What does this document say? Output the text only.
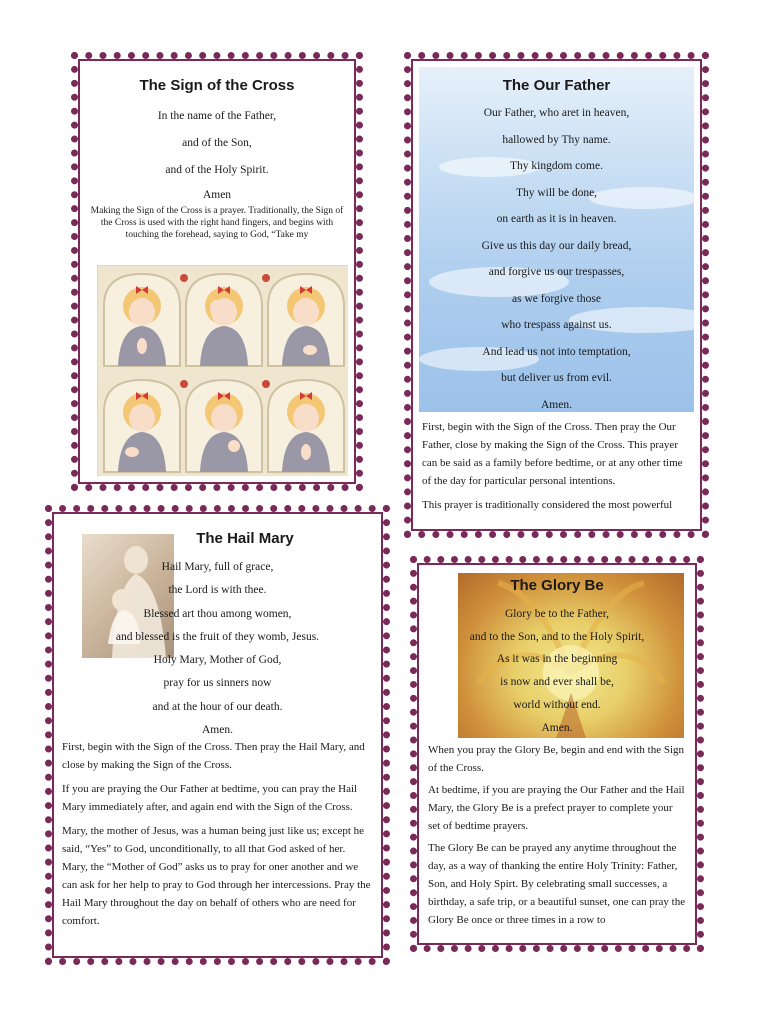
The Sign of the Cross

In the name of the Father,

and of the Son,

and of the Holy Spirit.

Amen

Making the Sign of the Cross is a prayer. Traditionally, the Sign of the Cross is used with the right hand fingers, and begins with touching the forehead, saying to God, “Take my

The Our Father

Our Father, who aret in heaven,

hallowed by Thy name.

Thy kingdom come.

Thy will be done,

on earth as it is in heaven.

Give us this day our daily bread,

and forgive us our trespasses,

as we forgive those

who trespass against us.

And lead us not into temptation,

but deliver us from evil.

Amen.

First, begin with the Sign of the Cross. Then pray the Our Father, close by making the Sign of the Cross. This prayer can be said as a family before bedtime, or at any other time of the day for particular personal intentions.

This prayer is traditionally considered the most powerful

The Hail Mary

Hail Mary, full of grace,

the Lord is with thee.

Blessed art thou among women,

and blessed is the fruit of they womb, Jesus.

Holy Mary, Mother of God,

pray for us sinners now

and at the hour of our death.

Amen.

First, begin with the Sign of the Cross. Then pray the Hail Mary, and close by making the Sign of the Cross.

If you are praying the Our Father at bedtime, you can pray the Hail Mary immediately after, and again end with the Sign of the Cross.

Mary, the mother of Jesus, was a human being just like us; except he said, “Yes” to God, unconditionally, to all that God asked of her. Mary, the “Mother of God” asks us to pray for oner another and we can ask for her help to pray to God through her intercessions. Pray the Hail Mary throughout the day on behalf of others who are need for comfort.

The Glory Be

Glory be to the Father,

and to the Son, and to the Holy Spirit,

As it was in the beginning

is now and ever shall be,

world without end.

Amen.

When you pray the Glory Be, begin and end with the Sign of the Cross.

At bedtime, if you are praying the Our Father and the Hail Mary, the Glory Be is a prefect prayer to complete your set of bedtime prayers.

The Glory Be can be prayed any anytime throughout the day, as a way of thanking the entire Holy Trinity: Father, Son, and Holy Spirt. By celebrating small successes, a birthday, a safe trip, or a beautiful sunset, one can pray the Glory Be once or three times in a row to
